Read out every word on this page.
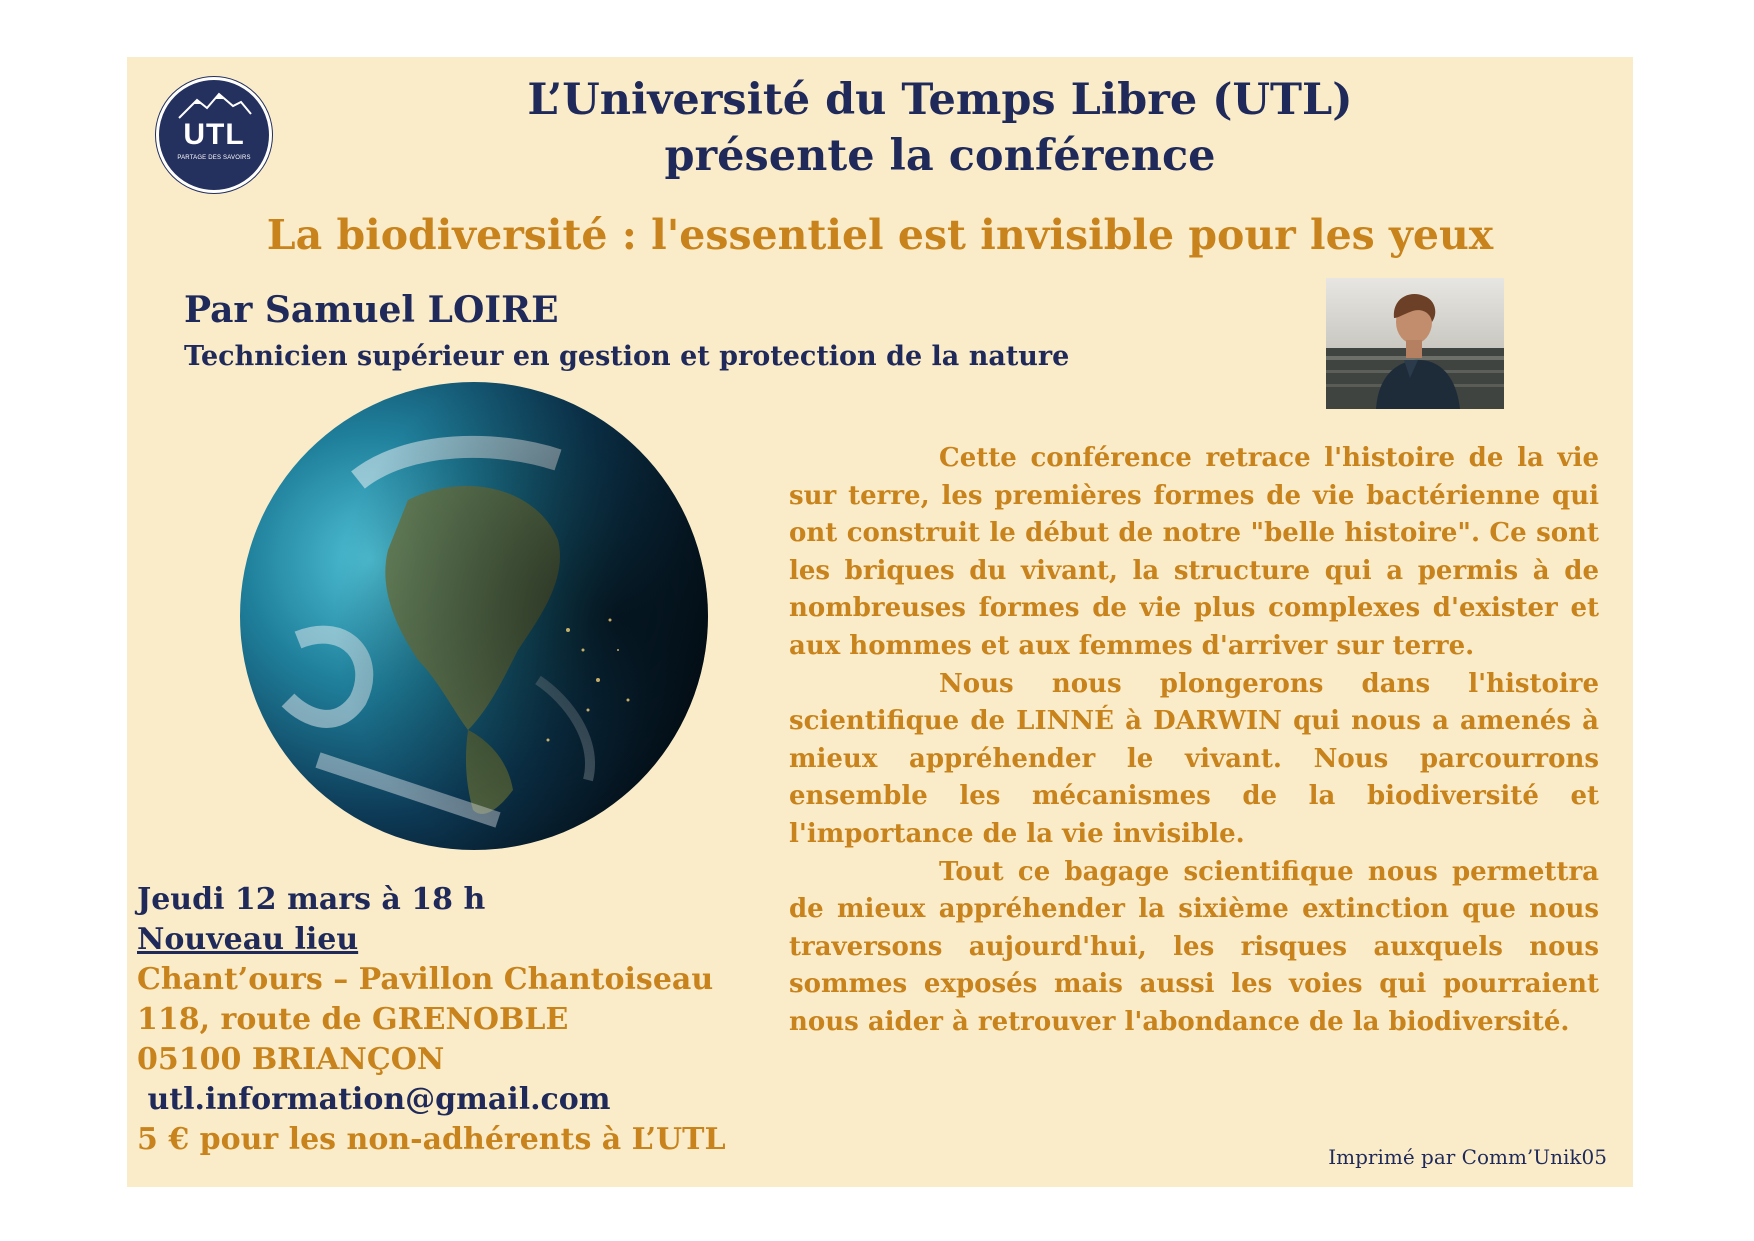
UTL
PARTAGE DES SAVOIRS
L’Université du Temps Libre (UTL)
présente la conférence
La biodiversité : l'essentiel est invisible pour les yeux
Par Samuel LOIRE
Technicien supérieur en gestion et protection de la nature

Cette conférence retrace l'histoire de la vie sur terre, les premières formes de vie bactérienne qui ont construit le début de notre "belle histoire". Ce sont les briques du vivant, la structure qui a permis à de nombreuses formes de vie plus complexes d'exister et aux hommes et aux femmes d'arriver sur terre.

Nous nous plongerons dans l'histoire scientifique de LINNÉ à DARWIN qui nous a amenés à mieux appréhender le vivant. Nous parcourrons ensemble les mécanismes de la biodiversité et l'importance de la vie invisible.

Tout ce bagage scientifique nous permettra de mieux appréhender la sixième extinction que nous traversons aujourd'hui, les risques auxquels nous sommes exposés mais aussi les voies qui pourraient nous aider à retrouver l'abondance de la biodiversité.

Jeudi 12 mars à 18 h
Nouveau lieu
Chant’ours – Pavillon Chantoiseau
118, route de GRENOBLE
05100 BRIANÇON
utl.information@gmail.com
5 € pour les non-adhérents à L’UTL	Imprimé par Comm’Unik05
